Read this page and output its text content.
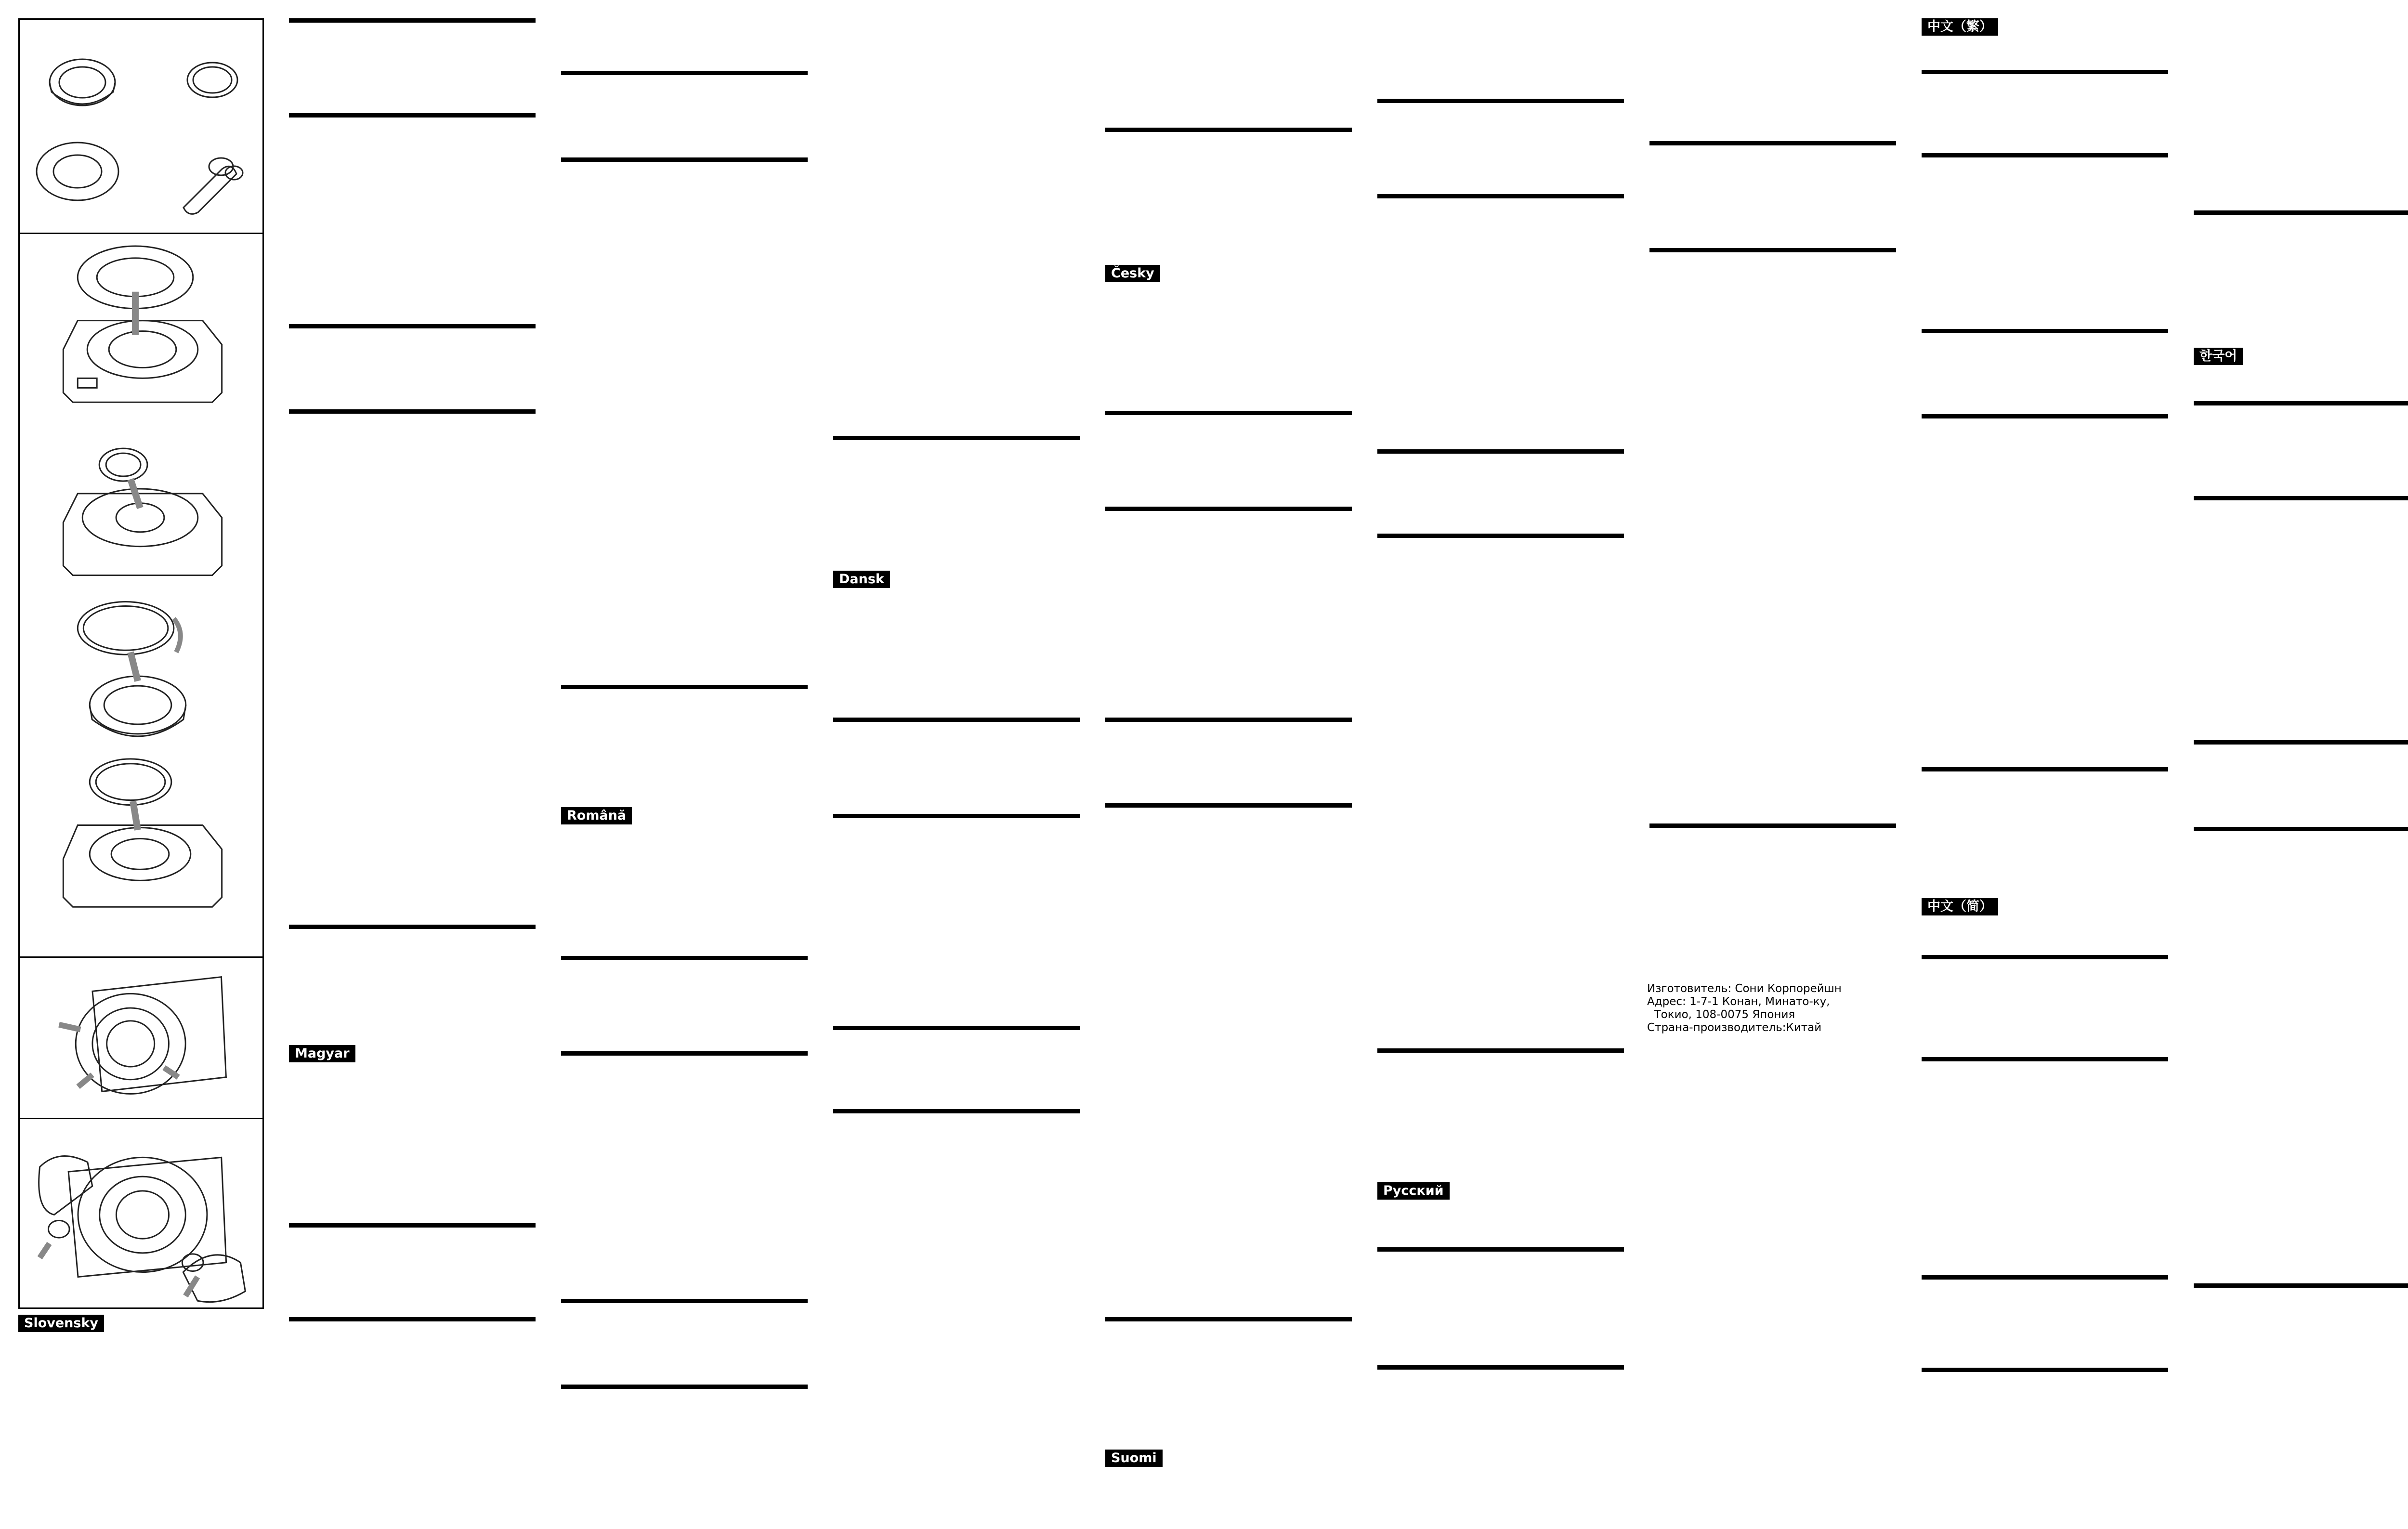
Slovensky
Magyar
Română
Dansk
Česky
Suomi
Русский
中文（繁）
中文（简）
한국어
Изготовитель: Сони Корпорейшн
Адрес: 1-7-1 Конан, Минато-ку,
Токио, 108-0075 Япония
Страна-производитель:Китай
